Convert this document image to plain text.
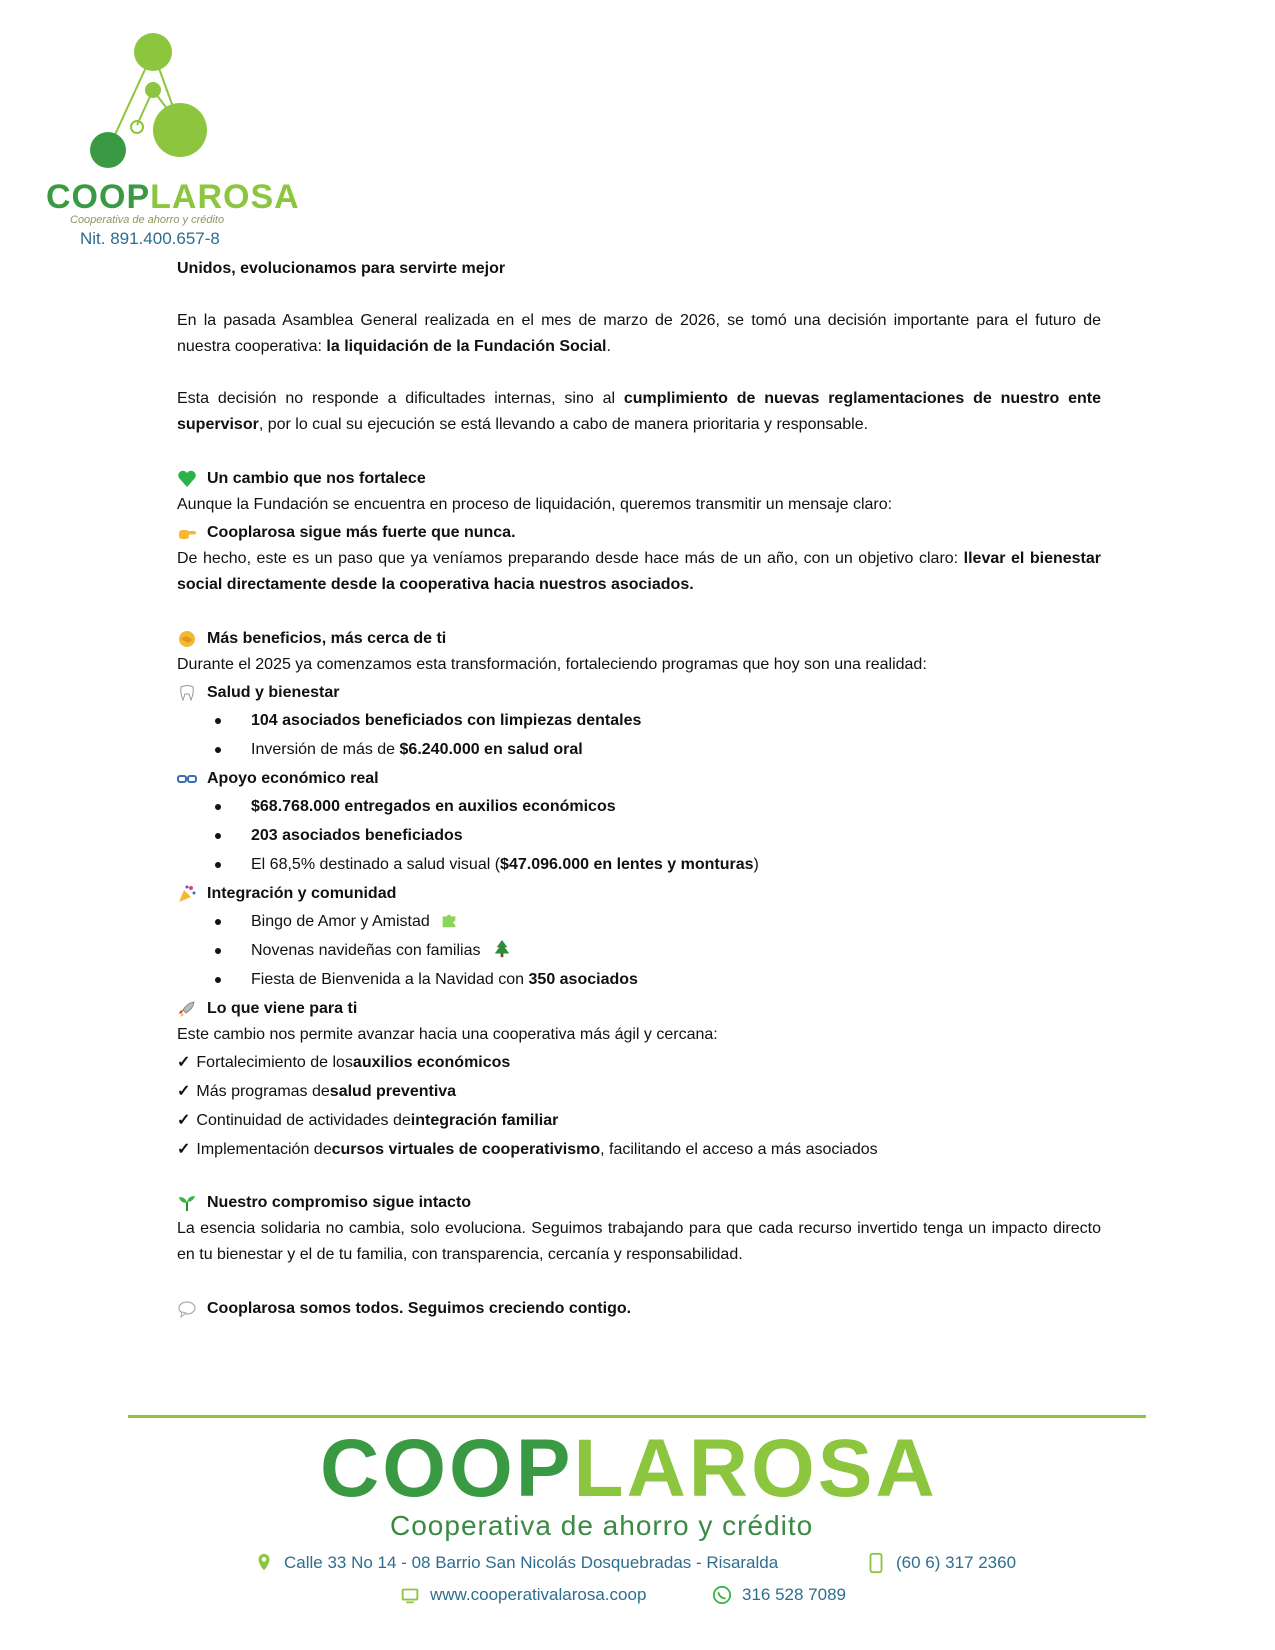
COOPLAROSA
Cooperativa de ahorro y crédito
Nit. 891.400.657-8

Unidos, evolucionamos para servirte mejor

En la pasada Asamblea General realizada en el mes de marzo de 2026, se tomó una decisión importante para el futuro de nuestra cooperativa: la liquidación de la Fundación Social.

Esta decisión no responde a dificultades internas, sino al cumplimiento de nuevas reglamentaciones de nuestro ente supervisor, por lo cual su ejecución se está llevando a cabo de manera prioritaria y responsable.

Un cambio que nos fortalece

Aunque la Fundación se encuentra en proceso de liquidación, queremos transmitir un mensaje claro:

Cooplarosa sigue más fuerte que nunca.

De hecho, este es un paso que ya veníamos preparando desde hace más de un año, con un objetivo claro: llevar el bienestar social directamente desde la cooperativa hacia nuestros asociados.

Más beneficios, más cerca de ti

Durante el 2025 ya comenzamos esta transformación, fortaleciendo programas que hoy son una realidad:

Salud y bienestar
104 asociados beneficiados con limpiezas dentales
Inversión de más de $6.240.000 en salud oral
Apoyo económico real
$68.768.000 entregados en auxilios económicos
203 asociados beneficiados
El 68,5% destinado a salud visual ($47.096.000 en lentes y monturas)
Integración y comunidad
Bingo de Amor y Amistad
Novenas navideñas con familias
Fiesta de Bienvenida a la Navidad con 350 asociados
Lo que viene para ti

Este cambio nos permite avanzar hacia una cooperativa más ágil y cercana:

✓ Fortalecimiento de los auxilios económicos
✓ Más programas de salud preventiva
✓ Continuidad de actividades de integración familiar
✓ Implementación de cursos virtuales de cooperativismo , facilitando el acceso a más asociados
Nuestro compromiso sigue intacto

La esencia solidaria no cambia, solo evoluciona. Seguimos trabajando para que cada recurso invertido tenga un impacto directo en tu bienestar y el de tu familia, con transparencia, cercanía y responsabilidad.

Cooplarosa somos todos. Seguimos creciendo contigo.
COOPLAROSA
Cooperativa de ahorro y crédito
Calle 33 No 14 - 08 Barrio San Nicolás Dosquebradas - Risaralda	(60 6) 317 2360
www.cooperativalarosa.coop	316 528 7089
